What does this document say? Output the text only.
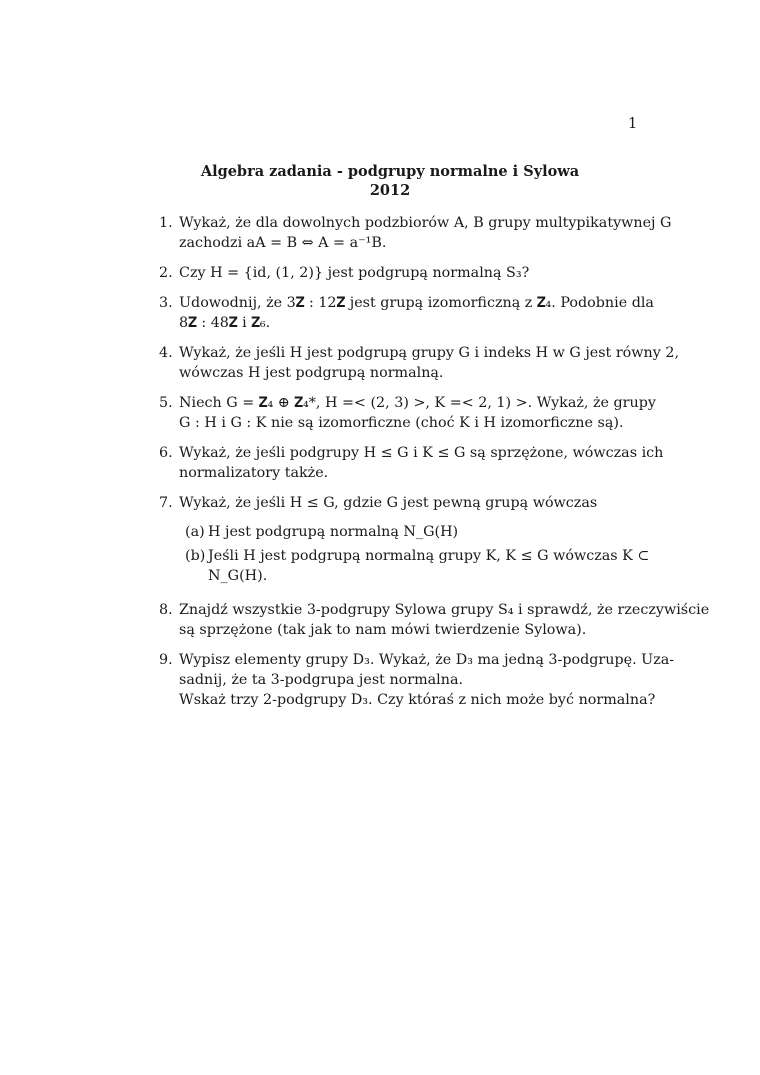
1
Algebra zadania - podgrupy normalne i Sylowa
2012
1. Wykaż, że dla dowolnych podzbiorów A, B grupy multypikatywnej G
zachodzi aA = B ⇔ A = a⁻¹B.
2. Czy H = {id, (1, 2)} jest podgrupą normalną S₃?
3. Udowodnij, że 3𝐙 : 12𝐙 jest grupą izomorficzną z 𝐙₄. Podobnie dla
8𝐙 : 48𝐙 i 𝐙₆.
4. Wykaż, że jeśli H jest podgrupą grupy G i indeks H w G jest równy 2,
wówczas H jest podgrupą normalną.
5. Niech G = 𝐙₄ ⊕ 𝐙₄*, H =< (2, 3) >, K =< 2, 1) >. Wykaż, że grupy
G : H i G : K nie są izomorficzne (choć K i H izomorficzne są).
6. Wykaż, że jeśli podgrupy H ≤ G i K ≤ G są sprzężone, wówczas ich
normalizatory także.
7. Wykaż, że jeśli H ≤ G, gdzie G jest pewną grupą wówczas
(a) H jest podgrupą normalną N_G(H)
(b) Jeśli H jest podgrupą normalną grupy K, K ≤ G wówczas K ⊂
N_G(H).
8. Znajdź wszystkie 3-podgrupy Sylowa grupy S₄ i sprawdź, że rzeczywiście
są sprzężone (tak jak to nam mówi twierdzenie Sylowa).
9. Wypisz elementy grupy D₃. Wykaż, że D₃ ma jedną 3-podgrupę. Uza-
sadnij, że ta 3-podgrupa jest normalna.
Wskaż trzy 2-podgrupy D₃. Czy któraś z nich może być normalna?
